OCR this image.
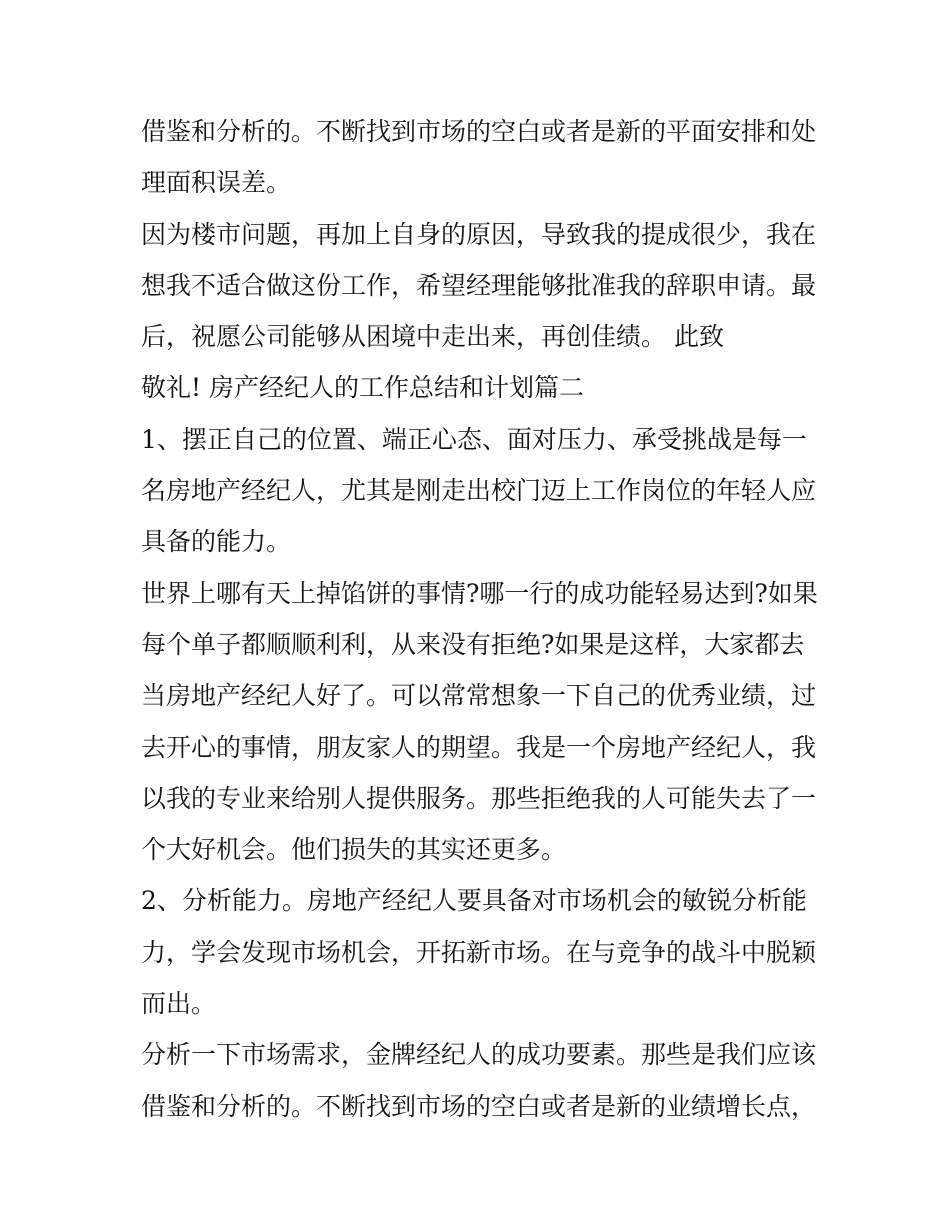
借鉴和分析的。不断找到市场的空白或者是新的平面安排和处
理面积误差。
因为楼市问题，再加上自身的原因，导致我的提成很少，我在
想我不适合做这份工作，希望经理能够批准我的辞职申请。最
后，祝愿公司能够从困境中走出来，再创佳绩。 此致
敬礼! 房产经纪人的工作总结和计划篇二
1、摆正自己的位置、端正心态、面对压力、承受挑战是每一
名房地产经纪人，尤其是刚走出校门迈上工作岗位的年轻人应
具备的能力。
世界上哪有天上掉馅饼的事情?哪一行的成功能轻易达到?如果
每个单子都顺顺利利，从来没有拒绝?如果是这样，大家都去
当房地产经纪人好了。可以常常想象一下自己的优秀业绩，过
去开心的事情，朋友家人的期望。我是一个房地产经纪人，我
以我的专业来给别人提供服务。那些拒绝我的人可能失去了一
个大好机会。他们损失的其实还更多。
2、分析能力。房地产经纪人要具备对市场机会的敏锐分析能
力，学会发现市场机会，开拓新市场。在与竞争的战斗中脱颖
而出。
分析一下市场需求，金牌经纪人的成功要素。那些是我们应该
借鉴和分析的。不断找到市场的空白或者是新的业绩增长点，
